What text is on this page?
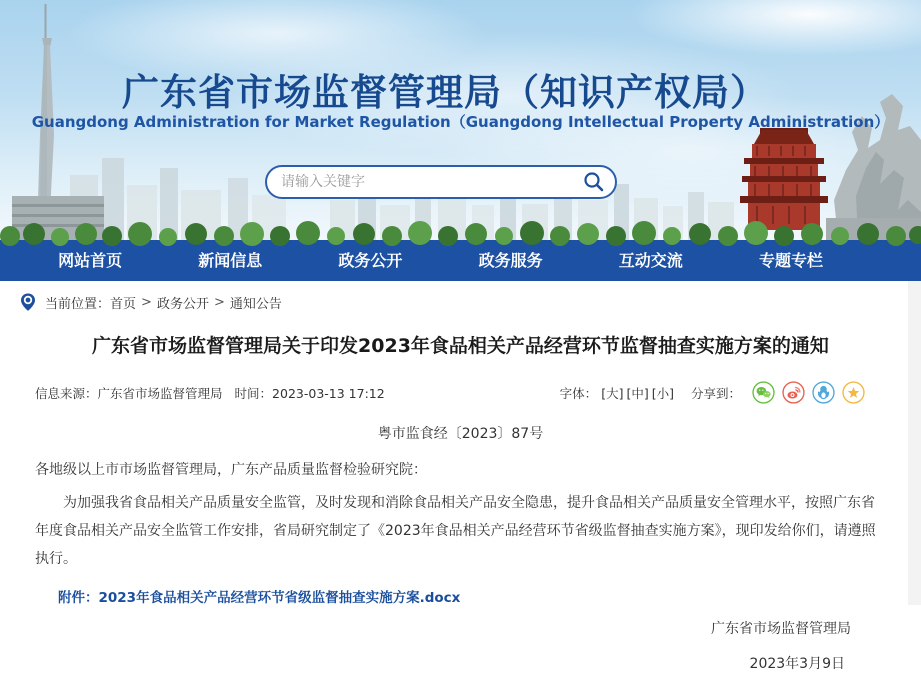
广东省市场监督管理局（知识产权局）
Guangdong Administration for Market Regulation（Guangdong Intellectual Property Administration）
请输入关键字
网站首页	新闻信息	政务公开	政务服务	互动交流	专题专栏
当前位置： 首页 > 政务公开 > 通知公告
广东省市场监督管理局关于印发2023年食品相关产品经营环节监督抽查实施方案的通知
信息来源：广东省市场监督管理局 时间：2023-03-13 17:12	字体： [大] [中] [小] 分享到：
粤市监食经〔2023〕87号

各地级以上市市场监督管理局，广东产品质量监督检验研究院：

为加强我省食品相关产品质量安全监管，及时发现和消除食品相关产品安全隐患，提升食品相关产品质量安全管理水平，按照广东省年度食品相关产品安全监管工作安排，省局研究制定了《2023年食品相关产品经营环节省级监督抽查实施方案》，现印发给你们，请遵照执行。

附件：2023年食品相关产品经营环节省级监督抽查实施方案.docx
广东省市场监督管理局
2023年3月9日
